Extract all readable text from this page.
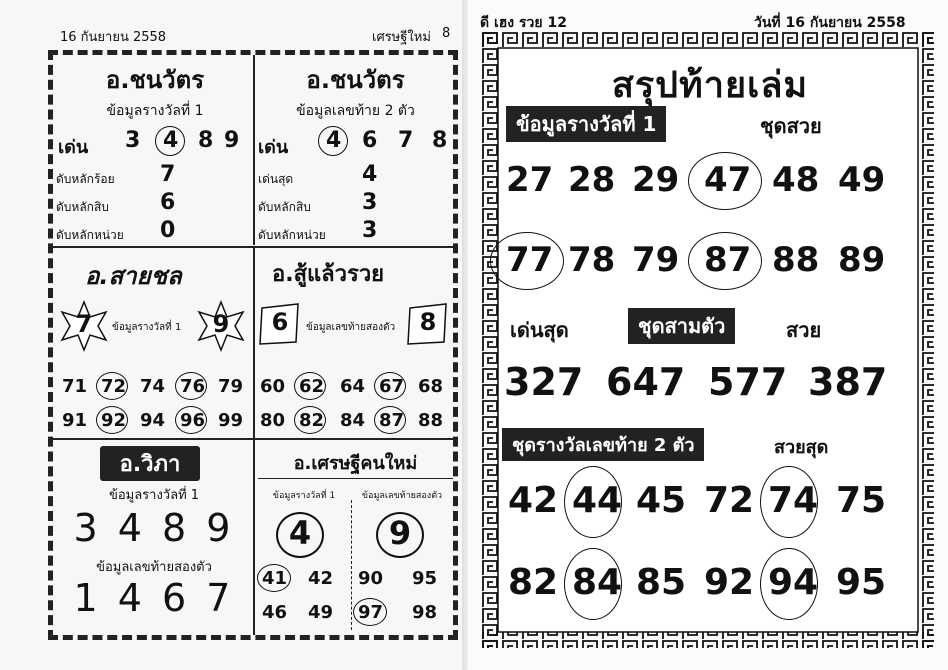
16 กันยายน 2558	เศรษฐีใหม่ 8
อ.ชนวัตร
ข้อมูลรางวัลที่ 1
เด่น 3 4 8 9
ดับหลักร้อย 7
ดับหลักสิบ 6
ดับหลักหน่วย 0
อ.ชนวัตร
ข้อมูลเลขท้าย 2 ตัว
เด่น 4 6 7 8
เด่นสุด	4
ดับหลักสิบ 3
ดับหลักหน่วย 3
อ.สายชล
7	ข้อมูลรางวัลที่ 1	9
71 72 74 76 79
91 92 94 96 99
อ.สู้แล้วรวย
6	ข้อมูลเลขท้ายสองตัว	8
60 62 64 67 68
80 82 84 87 88
อ.วิภา
ข้อมูลรางวัลที่ 1
3 4 8 9
ข้อมูลเลขท้ายสองตัว
1 4 6 7
อ.เศรษฐีคนใหม่
ข้อมูลรางวัลที่ 1	ข้อมูลเลขท้ายสองตัว
4	9
41 42 90 95
46 49 97 98
ดี เฮง รวย 12	วันที่ 16 กันยายน 2558
สรุปท้ายเล่ม
ข้อมูลรางวัลที่ 1	ชุดสวย
27 28 29 47 48 49
77 78 79 87 88 89
เด่นสุด	ชุดสามตัว	สวย
327 647 577 387
ชุดรางวัลเลขท้าย 2 ตัว	สวยสุด
42 44 45 72 74 75
82 84 85 92 94 95
